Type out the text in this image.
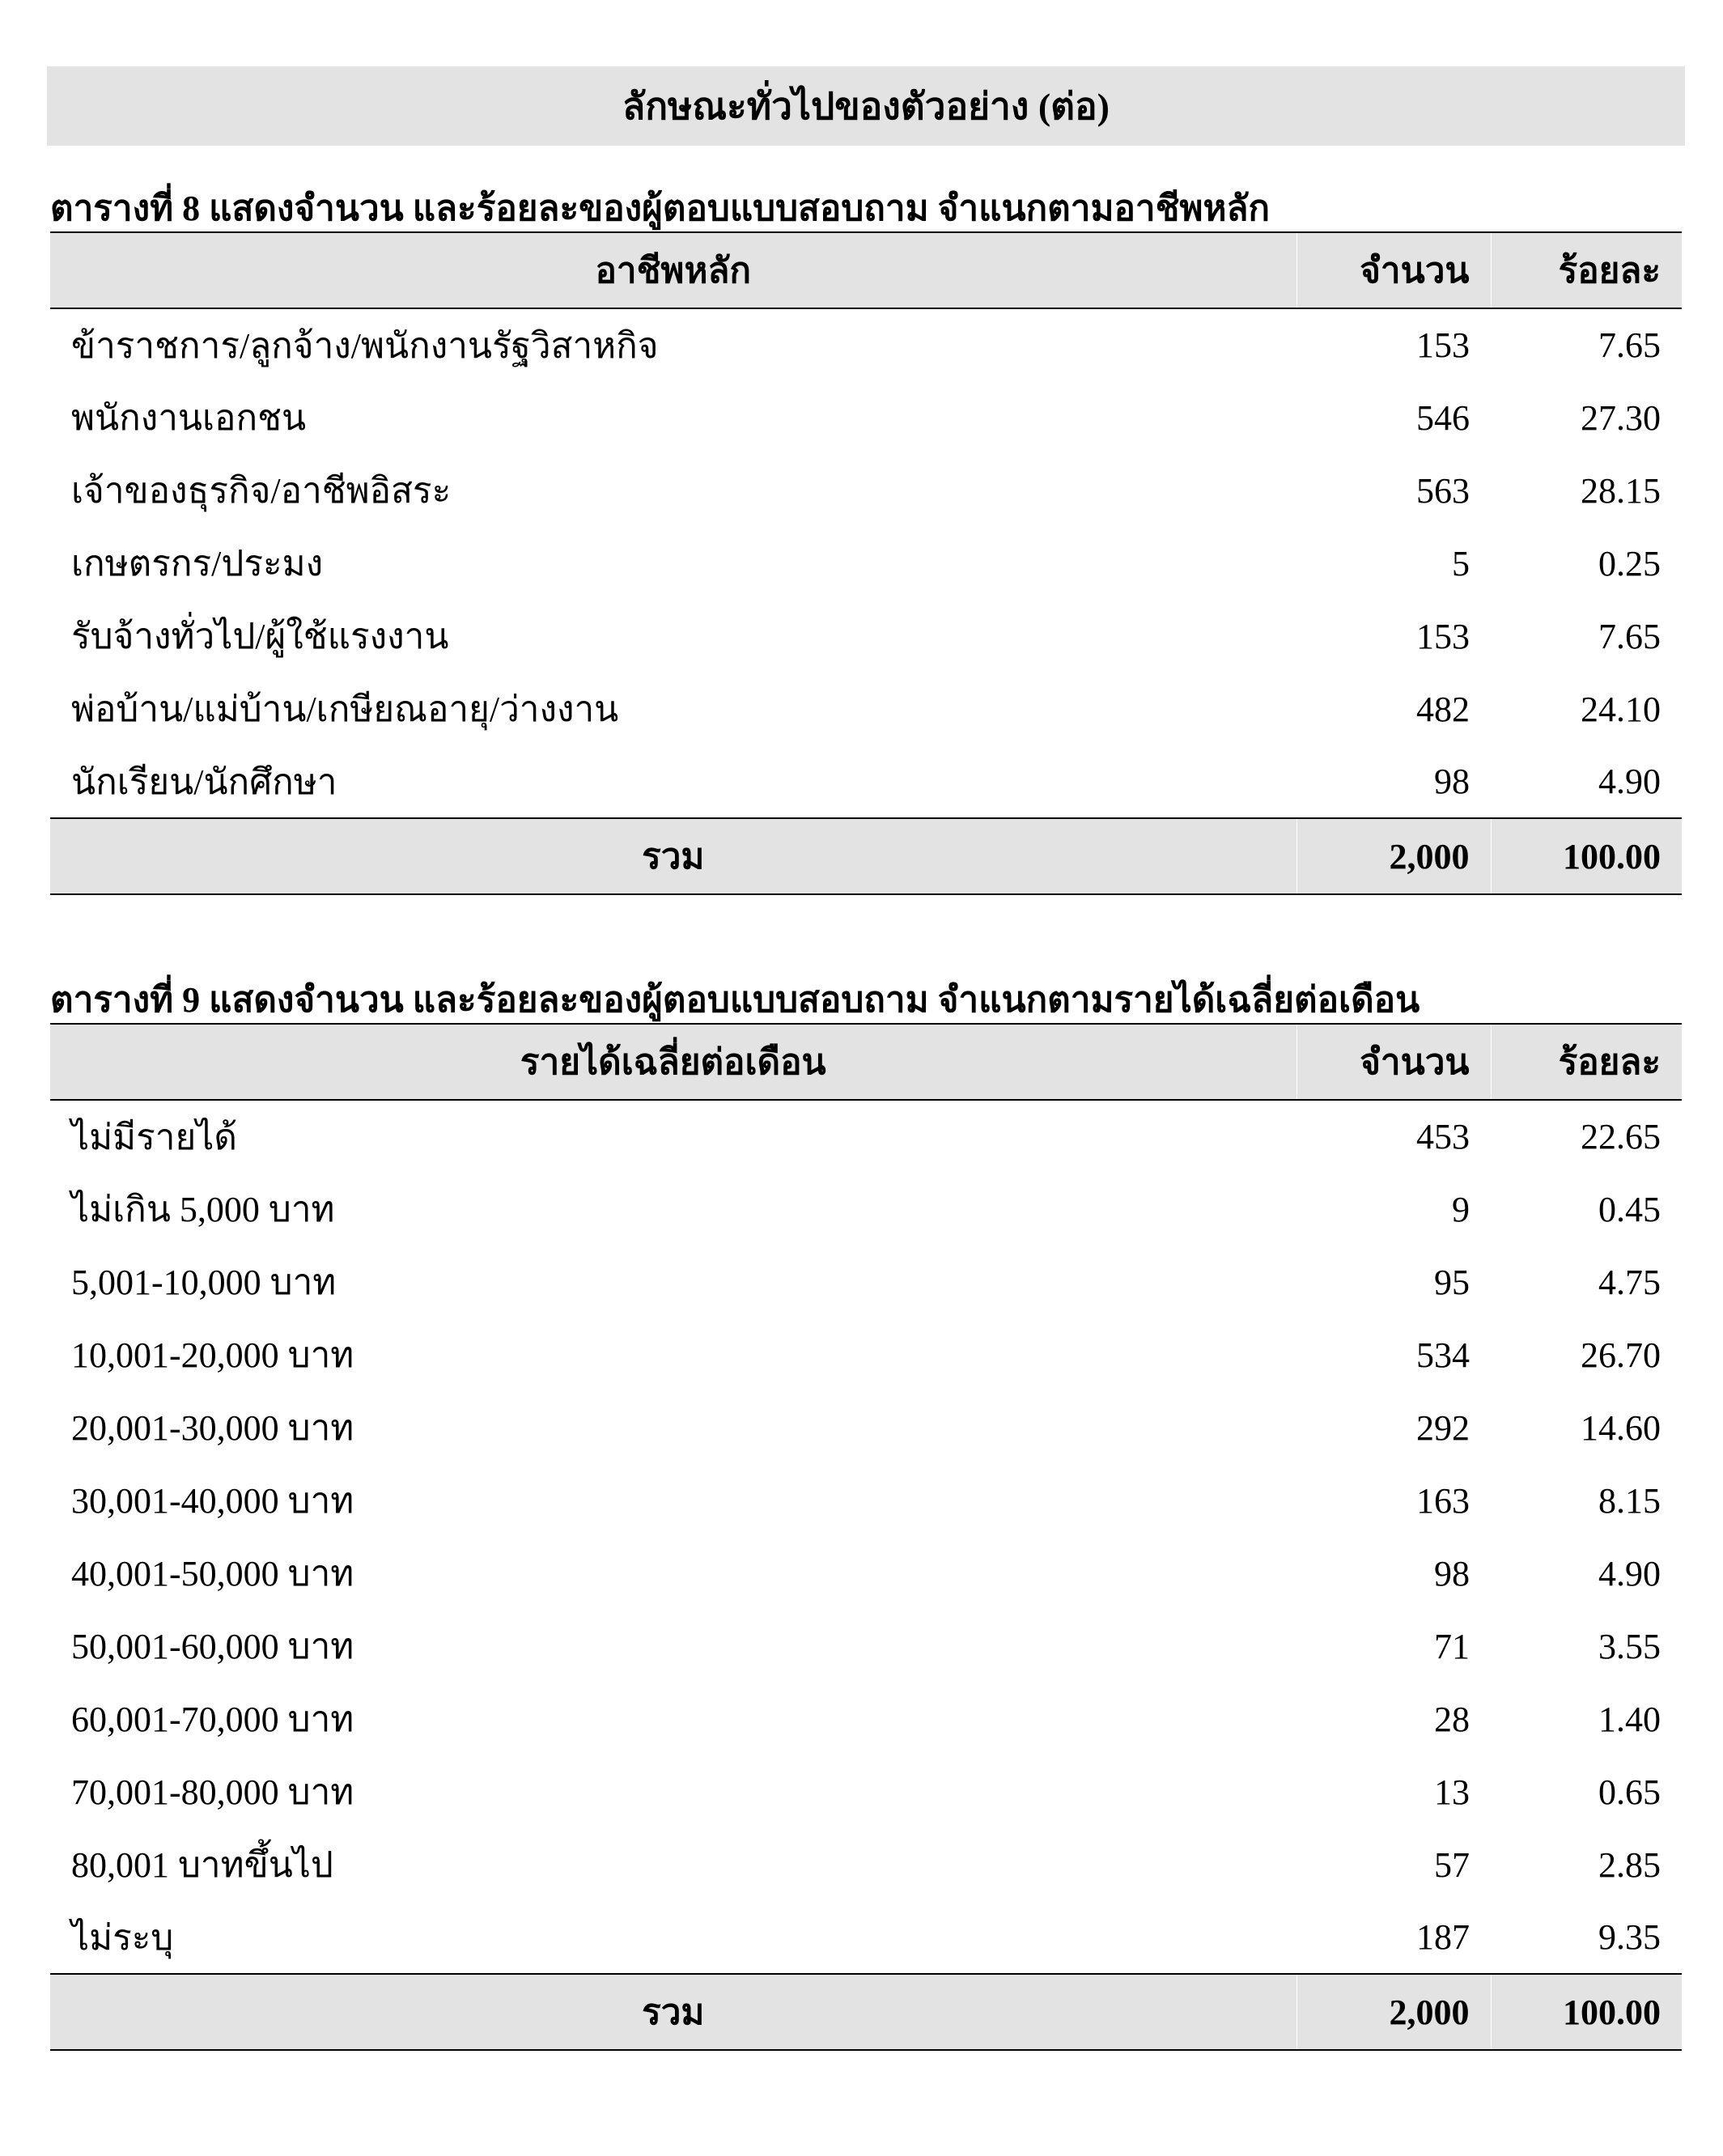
ลักษณะทั่วไปของตัวอย่าง (ต่อ)
ตารางที่ 8 แสดงจำนวน และร้อยละของผู้ตอบแบบสอบถาม จำแนกตามอาชีพหลัก
อาชีพหลัก	จำนวน	ร้อยละ
ข้าราชการ/ลูกจ้าง/พนักงานรัฐวิสาหกิจ	153	7.65
พนักงานเอกชน	546	27.30
เจ้าของธุรกิจ/อาชีพอิสระ	563	28.15
เกษตรกร/ประมง	5	0.25
รับจ้างทั่วไป/ผู้ใช้แรงงาน	153	7.65
พ่อบ้าน/แม่บ้าน/เกษียณอายุ/ว่างงาน	482	24.10
นักเรียน/นักศึกษา	98	4.90
รวม	2,000	100.00
ตารางที่ 9 แสดงจำนวน และร้อยละของผู้ตอบแบบสอบถาม จำแนกตามรายได้เฉลี่ยต่อเดือน
รายได้เฉลี่ยต่อเดือน	จำนวน	ร้อยละ
ไม่มีรายได้	453	22.65
ไม่เกิน 5,000 บาท	9	0.45
5,001-10,000 บาท	95	4.75
10,001-20,000 บาท	534	26.70
20,001-30,000 บาท	292	14.60
30,001-40,000 บาท	163	8.15
40,001-50,000 บาท	98	4.90
50,001-60,000 บาท	71	3.55
60,001-70,000 บาท	28	1.40
70,001-80,000 บาท	13	0.65
80,001 บาทขึ้นไป	57	2.85
ไม่ระบุ	187	9.35
รวม	2,000	100.00
